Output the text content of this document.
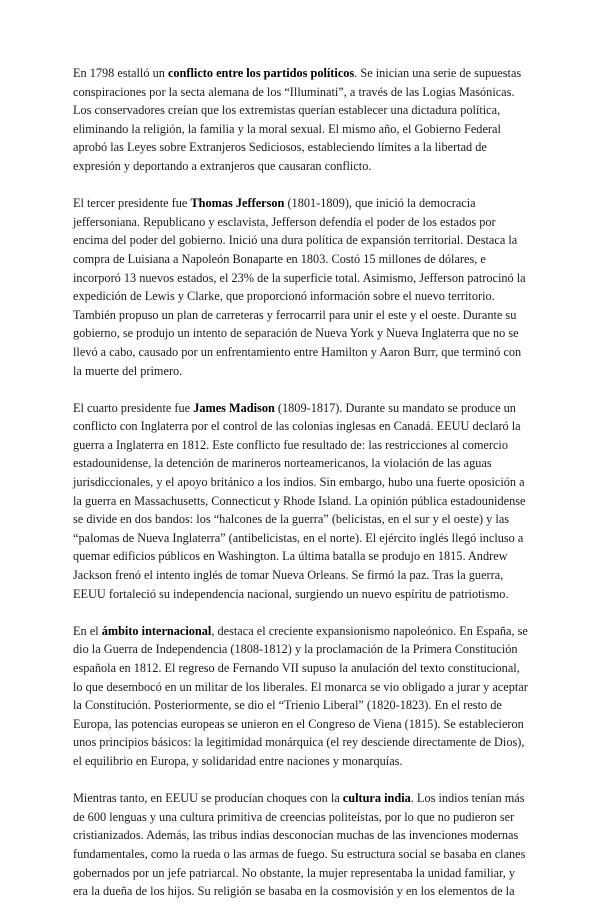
En 1798 estalló un conflicto entre los partidos políticos. Se inician una serie de supuestas conspiraciones por la secta alemana de los “Illuminati”, a través de las Logias Masónicas. Los conservadores creían que los extremistas querían establecer una dictadura política, eliminando la religión, la familia y la moral sexual. El mismo año, el Gobierno Federal aprobó las Leyes sobre Extranjeros Sediciosos, estableciendo límites a la libertad de expresión y deportando a extranjeros que causaran conflicto.

El tercer presidente fue Thomas Jefferson (1801-1809), que inició la democracia jeffersoniana. Republicano y esclavista, Jefferson defendía el poder de los estados por encima del poder del gobierno. Inició una dura política de expansión territorial. Destaca la compra de Luisiana a Napoleón Bonaparte en 1803. Costó 15 millones de dólares, e incorporó 13 nuevos estados, el 23% de la superficie total. Asimismo, Jefferson patrocinó la expedición de Lewis y Clarke, que proporcionó información sobre el nuevo territorio. También propuso un plan de carreteras y ferrocarril para unir el este y el oeste. Durante su gobierno, se produjo un intento de separación de Nueva York y Nueva Inglaterra que no se llevó a cabo, causado por un enfrentamiento entre Hamilton y Aaron Burr, que terminó con la muerte del primero.

El cuarto presidente fue James Madison (1809-1817). Durante su mandato se produce un conflicto con Inglaterra por el control de las colonias inglesas en Canadá. EEUU declaró la guerra a Inglaterra en 1812. Este conflicto fue resultado de: las restricciones al comercio estadounidense, la detención de marineros norteamericanos, la violación de las aguas jurisdiccionales, y el apoyo británico a los indios. Sin embargo, hubo una fuerte oposición a la guerra en Massachusetts, Connecticut y Rhode Island. La opinión pública estadounidense se divide en dos bandos: los “halcones de la guerra” (belicistas, en el sur y el oeste) y las “palomas de Nueva Inglaterra” (antibelicistas, en el norte). El ejército inglés llegó incluso a quemar edificios públicos en Washington. La última batalla se produjo en 1815. Andrew Jackson frenó el intento inglés de tomar Nueva Orleans. Se firmó la paz. Tras la guerra, EEUU fortaleció su independencia nacional, surgiendo un nuevo espíritu de patriotismo.

En el ámbito internacional, destaca el creciente expansionismo napoleónico. En España, se dio la Guerra de Independencia (1808-1812) y la proclamación de la Primera Constitución española en 1812. El regreso de Fernando VII supuso la anulación del texto constitucional, lo que desembocó en un militar de los liberales. El monarca se vio obligado a jurar y aceptar la Constitución. Posteriormente, se dio el “Trienio Liberal” (1820-1823). En el resto de Europa, las potencias europeas se unieron en el Congreso de Viena (1815). Se establecieron unos principios básicos: la legitimidad monárquica (el rey desciende directamente de Dios), el equilibrio en Europa, y solidaridad entre naciones y monarquías.

Mientras tanto, en EEUU se producían choques con la cultura india. Los indios tenían más de 600 lenguas y una cultura primitiva de creencias politeístas, por lo que no pudieron ser cristianizados. Además, las tribus indias desconocían muchas de las invenciones modernas fundamentales, como la rueda o las armas de fuego. Su estructura social se basaba en clanes gobernados por un jefe patriarcal. No obstante, la mujer representaba la unidad familiar, y era la dueña de los hijos. Su religión se basaba en la cosmovisión y en los elementos de la
